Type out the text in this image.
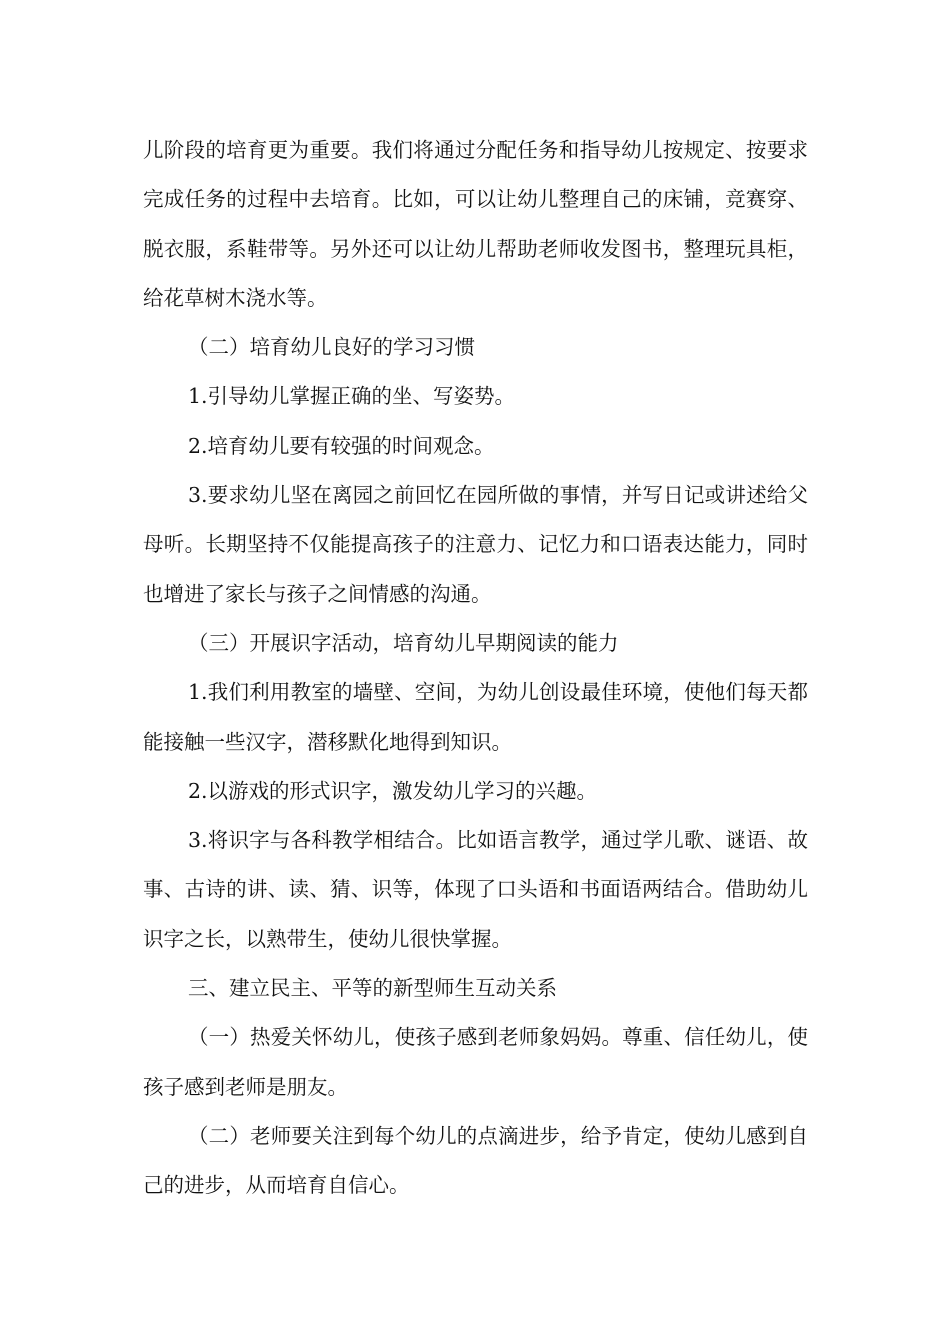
儿阶段的培育更为重要。我们将通过分配任务和指导幼儿按规定、按要求完成任务的过程中去培育。比如，可以让幼儿整理自己的床铺，竞赛穿、脱衣服，系鞋带等。另外还可以让幼儿帮助老师收发图书，整理玩具柜，给花草树木浇水等。

（二）培育幼儿良好的学习习惯

1.引导幼儿掌握正确的坐、写姿势。

2.培育幼儿要有较强的时间观念。

3.要求幼儿坚在离园之前回忆在园所做的事情，并写日记或讲述给父母听。长期坚持不仅能提高孩子的注意力、记忆力和口语表达能力，同时也增进了家长与孩子之间情感的沟通。

（三）开展识字活动，培育幼儿早期阅读的能力

1.我们利用教室的墙壁、空间，为幼儿创设最佳环境，使他们每天都能接触一些汉字，潜移默化地得到知识。

2.以游戏的形式识字，激发幼儿学习的兴趣。

3.将识字与各科教学相结合。比如语言教学，通过学儿歌、谜语、故事、古诗的讲、读、猜、识等，体现了口头语和书面语两结合。借助幼儿识字之长，以熟带生，使幼儿很快掌握。

三、建立民主、平等的新型师生互动关系

（一）热爱关怀幼儿，使孩子感到老师象妈妈。尊重、信任幼儿，使孩子感到老师是朋友。

（二）老师要关注到每个幼儿的点滴进步，给予肯定，使幼儿感到自己的进步，从而培育自信心。
